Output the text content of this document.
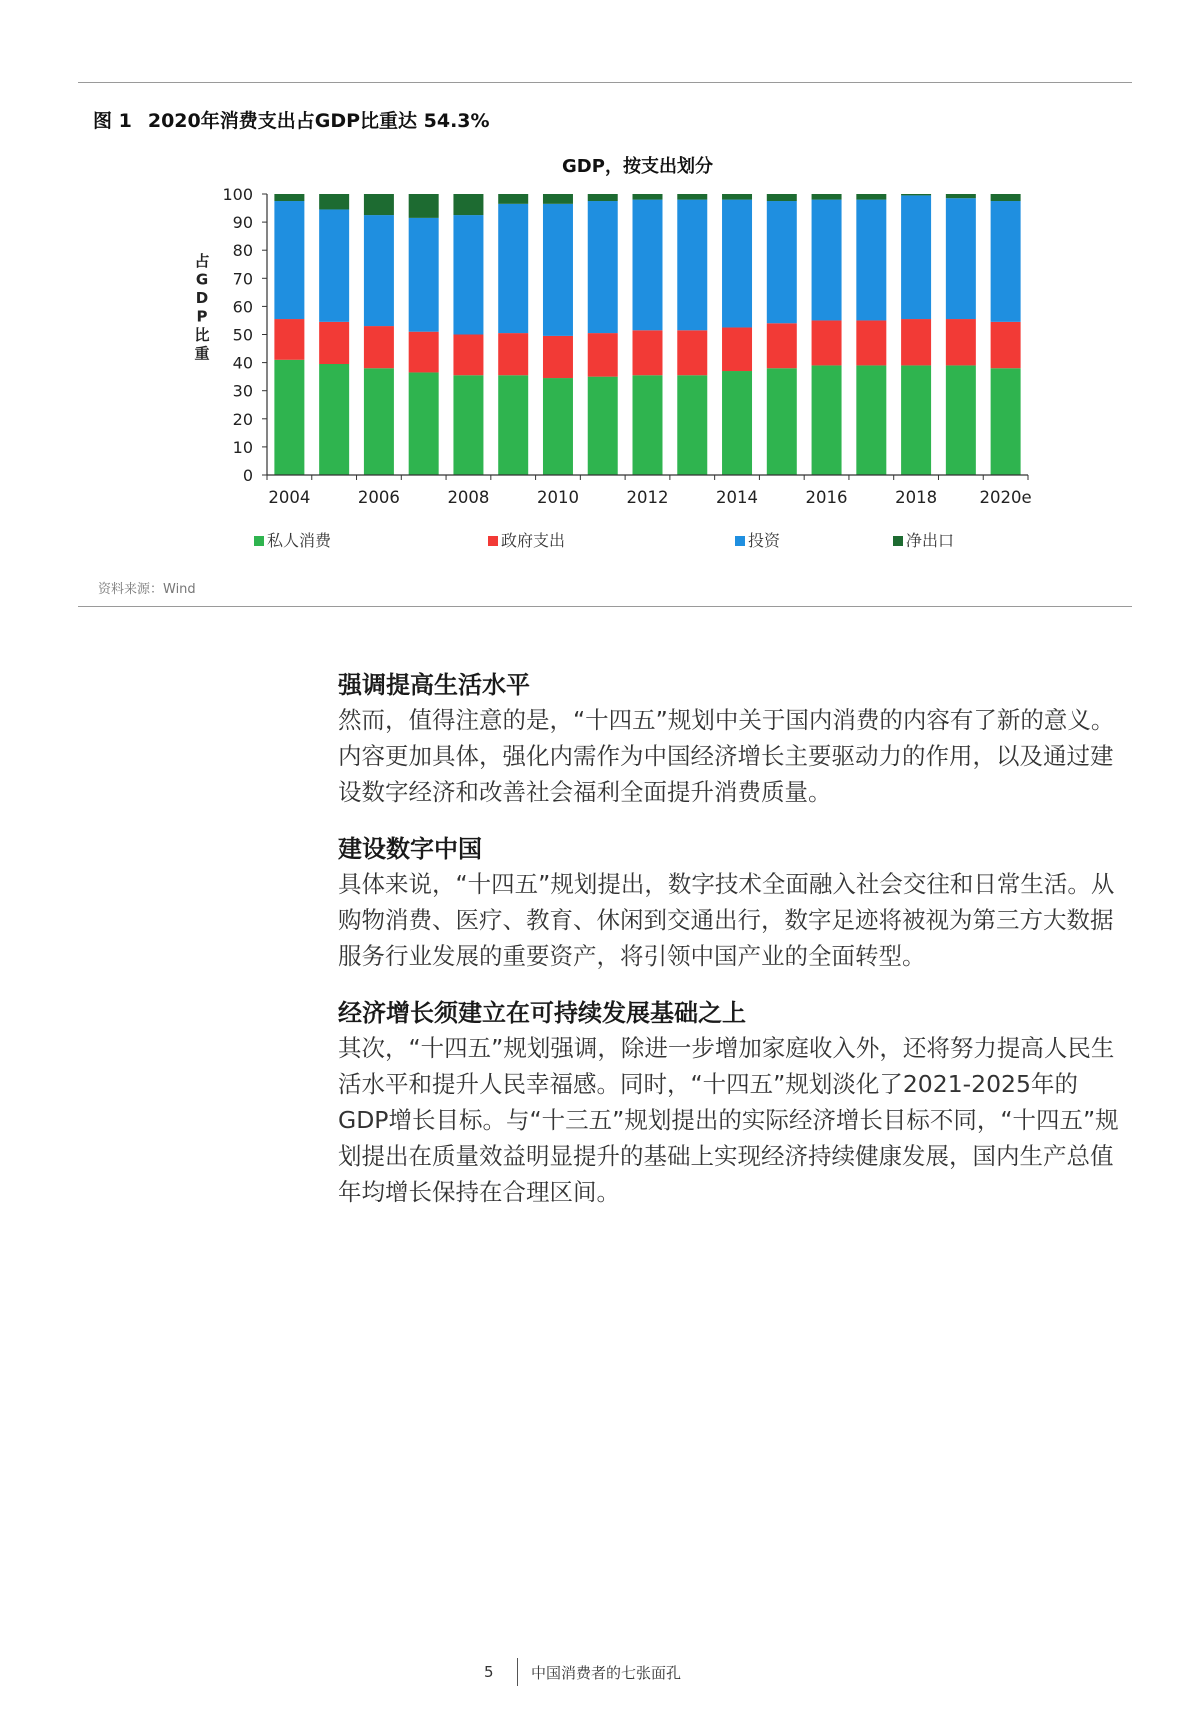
图 1 2020年消费支出占GDP比重达 54.3%
GDP，按支出划分
占
G
D
P
比
重
0
10
20
30
40
50
60
70
80
90
100
2004	2006	2008	2010	2012	2014	2016	2018	2020e
私人消费	政府支出	投资	净出口
资料来源：Wind
强调提高生活水平

然而，值得注意的是，“十四五”规划中关于国内消费的内容有了新的意义。内容更加具体，强化内需作为中国经济增长主要驱动力的作用，以及通过建设数字经济和改善社会福利全面提升消费质量。

建设数字中国

具体来说，“十四五”规划提出，数字技术全面融入社会交往和日常生活。从购物消费、医疗、教育、休闲到交通出行，数字足迹将被视为第三方大数据服务行业发展的重要资产，将引领中国产业的全面转型。

经济增长须建立在可持续发展基础之上

其次，“十四五”规划强调，除进一步增加家庭收入外，还将努力提高人民生活水平和提升人民幸福感。同时，“十四五”规划淡化了2021-2025年的GDP增长目标。与“十三五”规划提出的实际经济增长目标不同，“十四五”规划提出在质量效益明显提升的基础上实现经济持续健康发展，国内生产总值年均增长保持在合理区间。

5 中国消费者的七张面孔
